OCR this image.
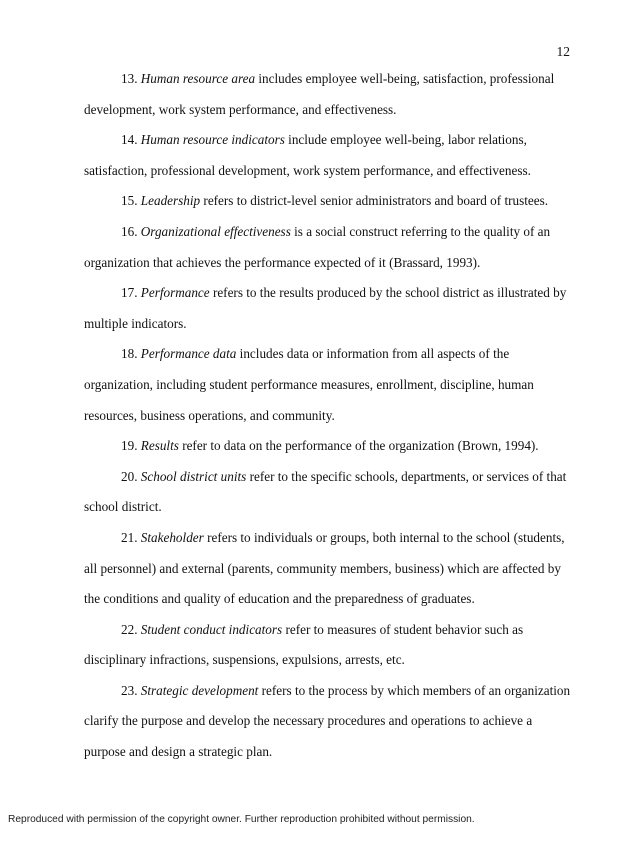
12

13. Human resource area includes employee well-being, satisfaction, professional development, work system performance, and effectiveness.

14. Human resource indicators include employee well-being, labor relations, satisfaction, professional development, work system performance, and effectiveness.

15. Leadership refers to district-level senior administrators and board of trustees.

16. Organizational effectiveness is a social construct referring to the quality of an organization that achieves the performance expected of it (Brassard, 1993).

17. Performance refers to the results produced by the school district as illustrated by multiple indicators.

18. Performance data includes data or information from all aspects of the organization, including student performance measures, enrollment, discipline, human resources, business operations, and community.

19. Results refer to data on the performance of the organization (Brown, 1994).

20. School district units refer to the specific schools, departments, or services of that school district.

21. Stakeholder refers to individuals or groups, both internal to the school (students, all personnel) and external (parents, community members, business) which are affected by the conditions and quality of education and the preparedness of graduates.

22. Student conduct indicators refer to measures of student behavior such as disciplinary infractions, suspensions, expulsions, arrests, etc.

23. Strategic development refers to the process by which members of an organization clarify the purpose and develop the necessary procedures and operations to achieve a purpose and design a strategic plan.

Reproduced with permission of the copyright owner. Further reproduction prohibited without permission.
